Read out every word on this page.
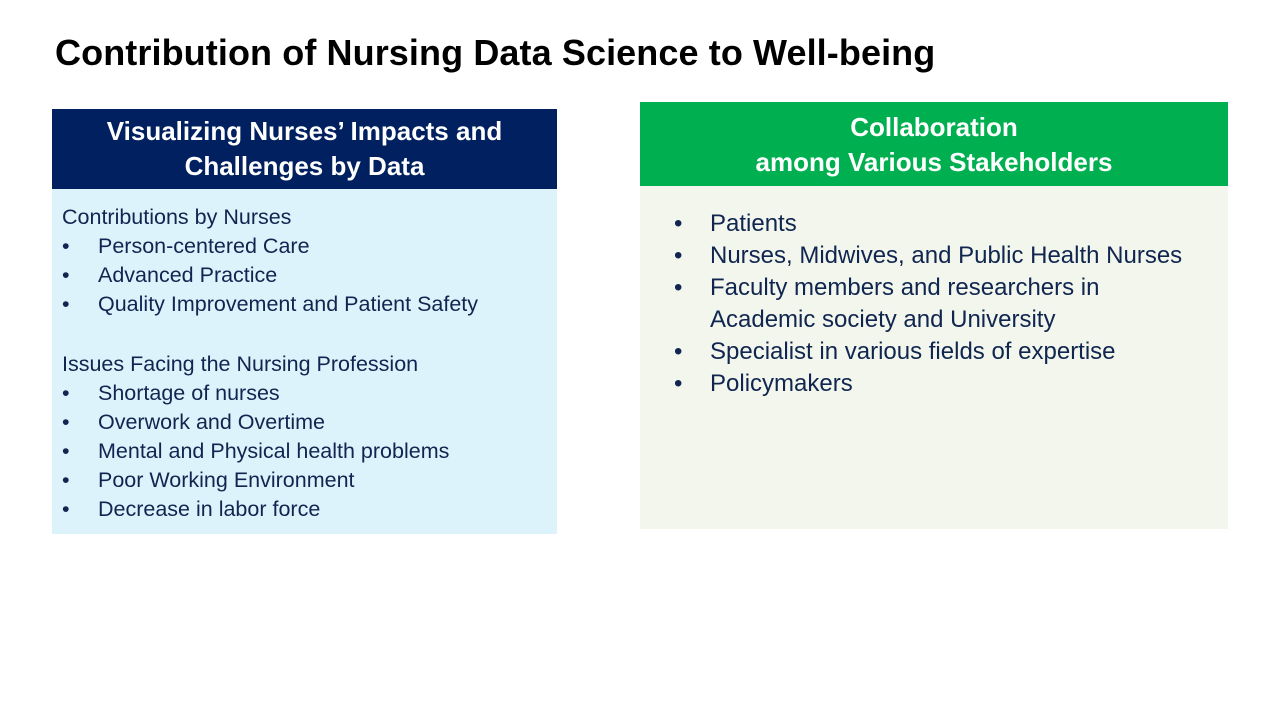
Contribution of Nursing Data Science to Well-being
Visualizing Nurses’ Impacts and
Challenges by Data
Contributions by Nurses
• Person-centered Care
• Advanced Practice
• Quality Improvement and Patient Safety
Issues Facing the Nursing Profession
• Shortage of nurses
• Overwork and Overtime
• Mental and Physical health problems
• Poor Working Environment
• Decrease in labor force
Collaboration
among Various Stakeholders
• Patients
• Nurses, Midwives, and Public Health Nurses
• Faculty members and researchers in Academic society and University
• Specialist in various fields of expertise
• Policymakers
